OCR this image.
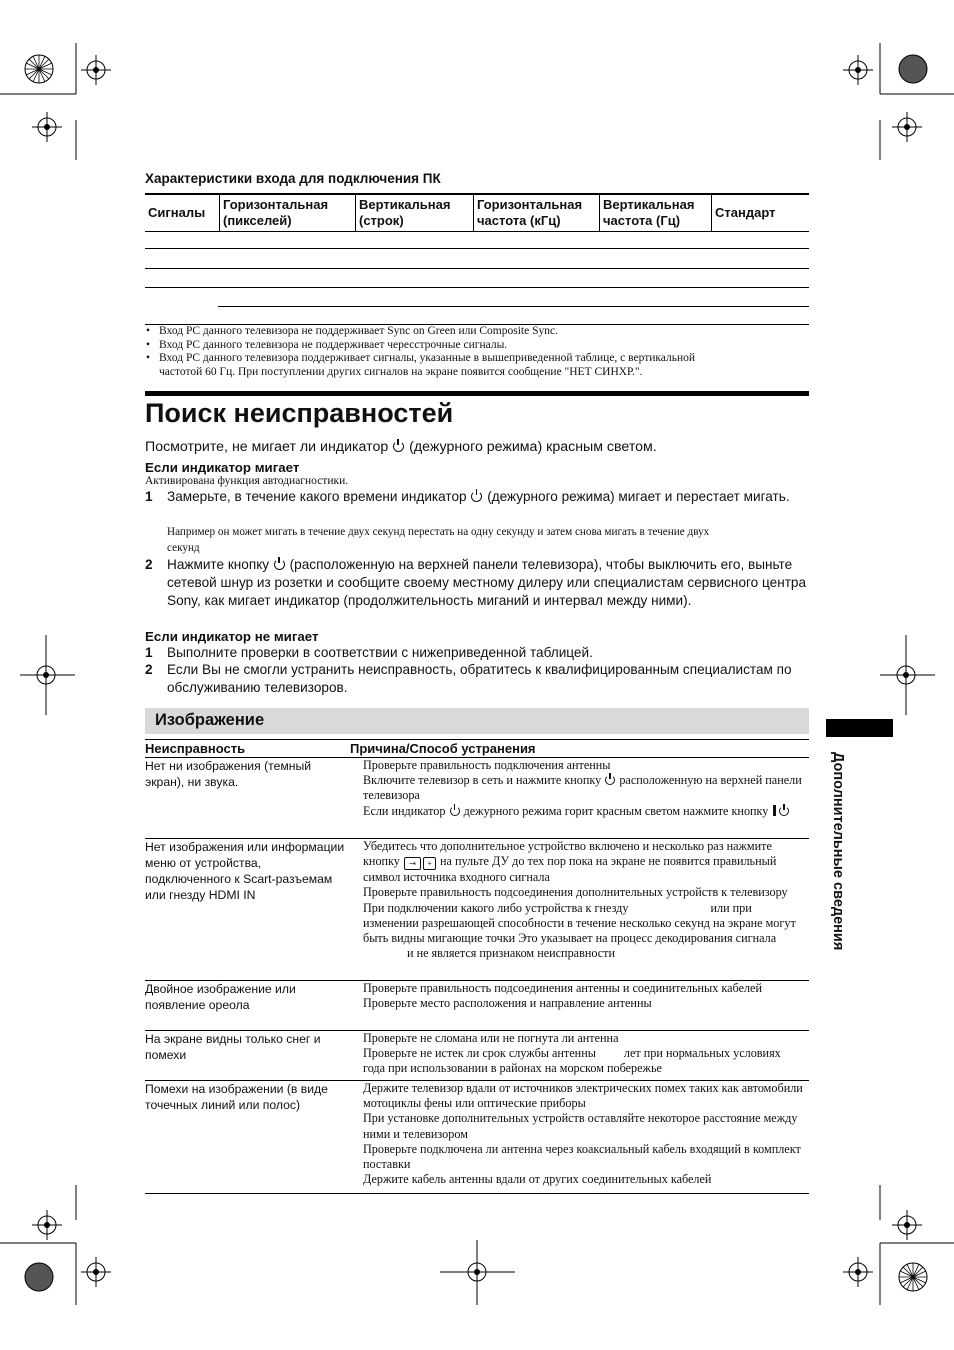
Характеристики входа для подключения ПК
Сигналы
Горизонтальная (пикселей)
Вертикальная (строк)
Горизонтальная частота (кГц)
Вертикальная частота (Гц)
Стандарт
• Вход PC данного телевизора не поддерживает Sync on Green или Composite Sync.
• Вход PC данного телевизора не поддерживает чересстрочные сигналы.
• Вход PC данного телевизора поддерживает сигналы, указанные в вышеприведенной таблице, с вертикальной
частотой 60 Гц. При поступлении других сигналов на экране появится сообщение "НЕТ СИНХР.".
Поиск неисправностей
Посмотрите, не мигает ли индикатор (дежурного режима) красным светом.
Если индикатор мигает
Активирована функция автодиагностики.
1 Замерьте, в течение какого времени индикатор (дежурного режима) мигает и перестает мигать.
Например он может мигать в течение двух секунд перестать на одну секунду и затем снова мигать в течение двух
секунд
2 Нажмите кнопку (расположенную на верхней панели телевизора), чтобы выключить его, выньте сетевой шнур из розетки и сообщите своему местному дилеру или специалистам сервисного центра Sony, как мигает индикатор (продолжительность миганий и интервал между ними).
Если индикатор не мигает
1 Выполните проверки в соответствии с нижеприведенной таблицей.
2 Если Вы не смогли устранить неисправность, обратитесь к квалифицированным специалистам по обслуживанию телевизоров.
Изображение
Неисправность	Причина/Способ устранения
Нет ни изображения (темный экран), ни звука.

Проверьте правильность подключения антенны

Включите телевизор в сеть и нажмите кнопку расположенную на верхней панели телевизора

Если индикатор дежурного режима горит красным светом нажмите кнопку

Нет изображения или информации меню от устройства, подключенного к Scart-разъемам или гнезду HDMI IN

Убедитесь что дополнительное устройство включено и несколько раз нажмите кнопку ⇥ + на пульте ДУ до тех пор пока на экране не появится правильный символ источника входного сигнала

Проверьте правильность подсоединения дополнительных устройств к телевизору

При подключении какого либо устройства к гнезду	или при изменении разрешающей способности в течение несколько секунд на экране могут быть видны мигающие точки Это указывает на процесс декодирования сигналаи не является признаком неисправности

Двойное изображение или появление ореола

Проверьте правильность подсоединения антенны и соединительных кабелей

Проверьте место расположения и направление антенны

На экране видны только снег и помехи

Проверьте не сломана или не погнута ли антенна

Проверьте не истек ли срок службы антенны лет при нормальных условияхгода при использовании в районах на морском побережье

Помехи на изображении (в виде точечных линий или полос)

Держите телевизор вдали от источников электрических помех таких как автомобили мотоциклы фены или оптические приборы

При установке дополнительных устройств оставляйте некоторое расстояние между ними и телевизором

Проверьте подключена ли антенна через коаксиальный кабель входящий в комплект поставки

Держите кабель антенны вдали от других соединительных кабелей

Дополнительные сведения
